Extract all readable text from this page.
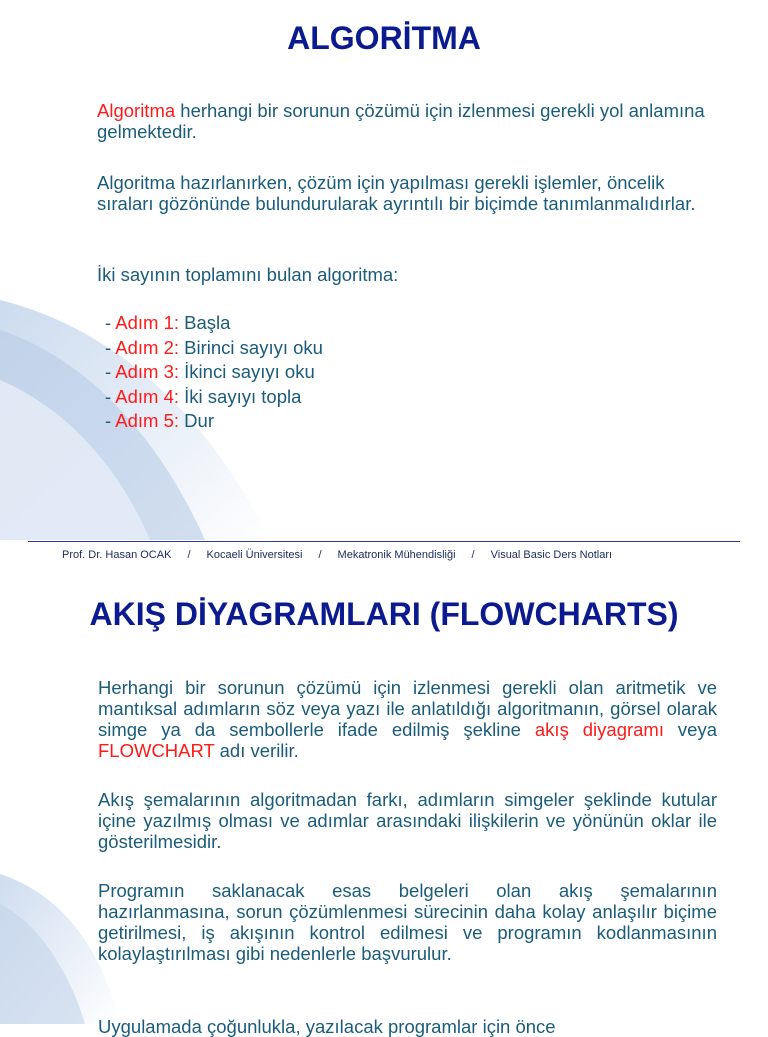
ALGORİTMA

Algoritma herhangi bir sorunun çözümü için izlenmesi gerekli yol anlamına gelmektedir.

Algoritma hazırlanırken, çözüm için yapılması gerekli işlemler, öncelik sıraları gözönünde bulundurularak ayrıntılı bir biçimde tanımlanmalıdırlar.

İki sayının toplamını bulan algoritma:

- Adım 1: Başla
- Adım 2: Birinci sayıyı oku
- Adım 3: İkinci sayıyı oku
- Adım 4: İki sayıyı topla
- Adım 5: Dur
Prof. Dr. Hasan OCAK	/	Kocaeli Üniversitesi	/	Mekatronik Mühendisliği	/	Visual Basic Ders Notları
AKIŞ DİYAGRAMLARI (FLOWCHARTS)

Herhangi bir sorunun çözümü için izlenmesi gerekli olan aritmetik ve mantıksal adımların söz veya yazı ile anlatıldığı algoritmanın, görsel olarak simge ya da sembollerle ifade edilmiş şekline akış diyagramı veya FLOWCHART adı verilir.

Akış şemalarının algoritmadan farkı, adımların simgeler şeklinde kutular içine yazılmış olması ve adımlar arasındaki ilişkilerin ve yönünün oklar ile gösterilmesidir.

Programın saklanacak esas belgeleri olan akış şemalarının hazırlanmasına, sorun çözümlenmesi sürecinin daha kolay anlaşılır biçime getirilmesi, iş akışının kontrol edilmesi ve programın kodlanmasının kolaylaştırılması gibi nedenlerle başvurulur.

Uygulamada çoğunlukla, yazılacak programlar için önce
